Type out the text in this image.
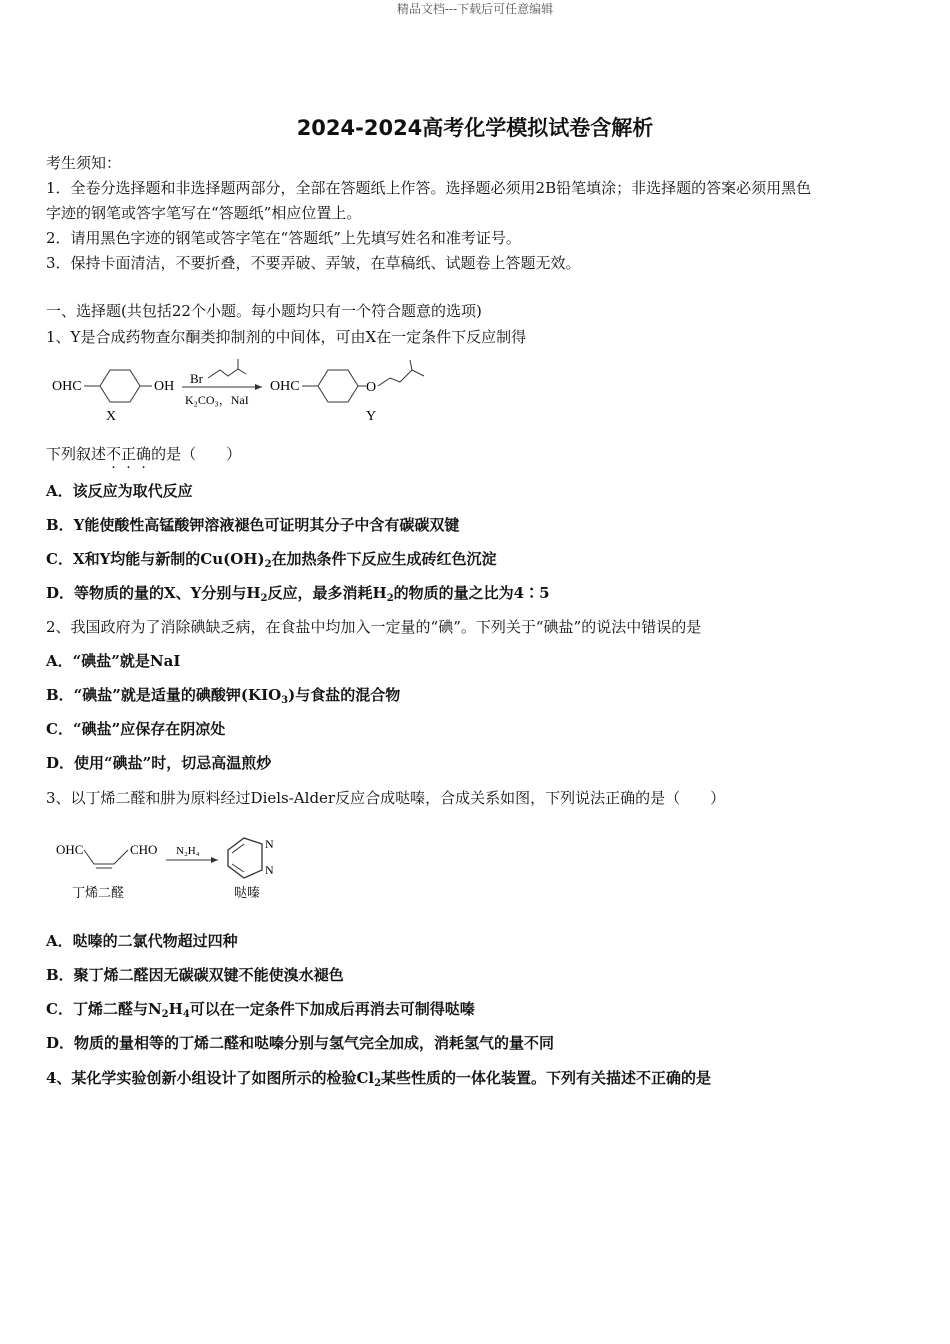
精品文档---下载后可任意编辑
2024-2024高考化学模拟试卷含解析
考生须知：
1．全卷分选择题和非选择题两部分，全部在答题纸上作答。选择题必须用2B铅笔填涂；非选择题的答案必须用黑色
字迹的钢笔或答字笔写在“答题纸”相应位置上。
2．请用黑色字迹的钢笔或答字笔在“答题纸”上先填写姓名和准考证号。
3．保持卡面清洁，不要折叠，不要弄破、弄皱，在草稿纸、试题卷上答题无效。
一、选择题(共包括22个小题。每小题均只有一个符合题意的选项)
1、Y是合成药物查尔酮类抑制剂的中间体，可由X在一定条件下反应制得
OHC	OH
X
Br
K₂CO₃，NaI
OHC	O
Y
下列叙述不正确的是（　　）
A．该反应为取代反应
B．Y能使酸性高锰酸钾溶液褪色可证明其分子中含有碳碳双键
C．X和Y均能与新制的$Cu(OH)_2$在加热条件下反应生成砖红色沉淀
D．等物质的量的X、Y分别与$H_2$反应，最多消耗$H_2$的物质的量之比为4∶5
2、我国政府为了消除碘缺乏病，在食盐中均加入一定量的“碘”。下列关于“碘盐”的说法中错误的是
A．“碘盐”就是NaI
B．“碘盐”就是适量的碘酸钾$(KIO_3)$与食盐的混合物
C．“碘盐”应保存在阴凉处
D．使用“碘盐”时，切忌高温煎炒
3、以丁烯二醛和肼为原料经过Diels-Alder反应合成哒嗪，合成关系如图，下列说法正确的是（　　）
OHC	CHO N₂H₄	N
N
丁烯二醛	哒嗪
A．哒嗪的二氯代物超过四种
B．聚丁烯二醛因无碳碳双键不能使溴水褪色
C．丁烯二醛与$N_2H_4$可以在一定条件下加成后再消去可制得哒嗪
D．物质的量相等的丁烯二醛和哒嗪分别与氢气完全加成，消耗氢气的量不同
4、某化学实验创新小组设计了如图所示的检验$Cl_2$某些性质的一体化装置。下列有关描述不正确的是
